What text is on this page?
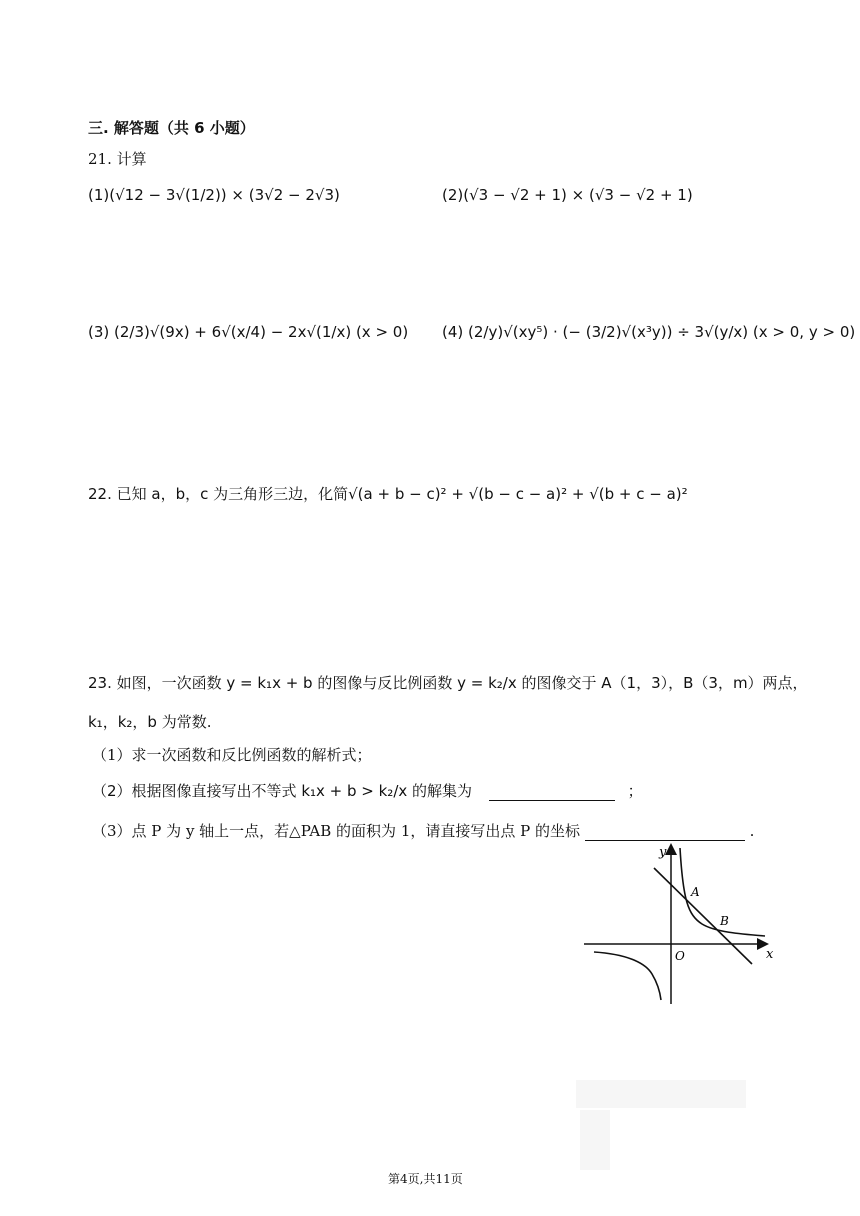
三. 解答题（共 6 小题）
21. 计算
(1)(√12 − 3√(1/2)) × (3√2 − 2√3)	(2)(√3 − √2 + 1) × (√3 − √2 + 1)
(3) (2/3)√(9x) + 6√(x/4) − 2x√(1/x) (x > 0) (4) (2/y)√(xy⁵) · (− (3/2)√(x³y)) ÷ 3√(y/x) (x > 0, y > 0)
22. 已知 a，b，c 为三角形三边，化简√(a + b − c)² + √(b − c − a)² + √(b + c − a)²
23. 如图，一次函数 y = k₁x + b 的图像与反比例函数 y = k₂/x 的图像交于 A（1，3），B（3，m）两点，
k₁，k₂，b 为常数.
（1）求一次函数和反比例函数的解析式；
（2）根据图像直接写出不等式 k₁x + b > k₂/x 的解集为	；
（3）点 P 为 y 轴上一点，若△PAB 的面积为 1，请直接写出点 P 的坐标	.
y
x
O
A
B
第4页,共11页
